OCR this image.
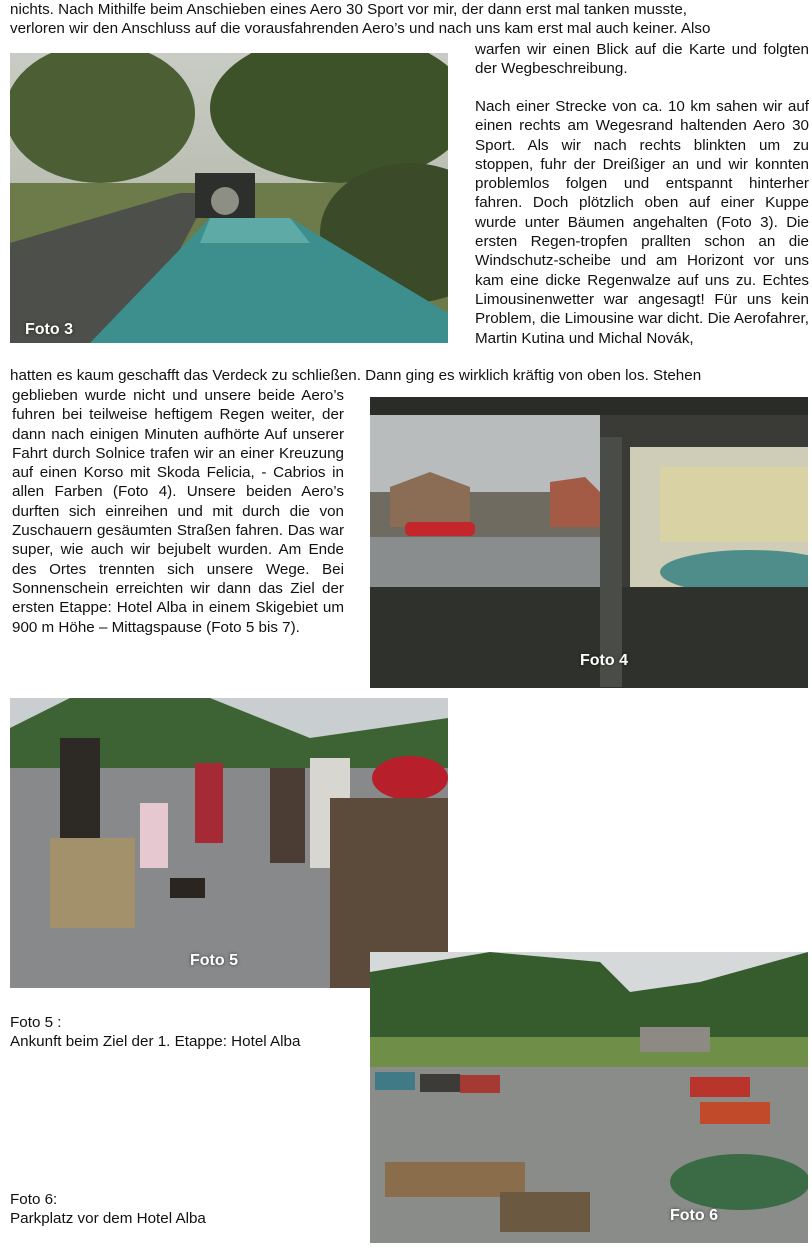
nichts. Nach Mithilfe beim Anschieben eines Aero 30 Sport vor mir, der dann erst mal tanken musste,
verloren wir den Anschluss auf die vorausfahrenden Aero’s und nach uns kam erst mal auch keiner. Also
warfen wir einen Blick auf die Karte und folgten der Wegbeschreibung.
Nach einer Strecke von ca. 10 km sahen wir auf einen rechts am Wegesrand haltenden Aero 30 Sport. Als wir nach rechts blinkten um zu stoppen, fuhr der Dreißiger an und wir konnten problemlos folgen und entspannt hinterher fahren. Doch plötzlich oben auf einer Kuppe wurde unter Bäumen angehalten (Foto 3). Die ersten Regen-tropfen prallten schon an die Windschutz-scheibe und am Horizont vor uns kam eine dicke Regenwalze auf uns zu. Echtes Limousinenwetter war angesagt! Für uns kein Problem, die Limousine war dicht. Die Aerofahrer, Martin Kutina und Michal Novák,
hatten es kaum geschafft das Verdeck zu schließen. Dann ging es wirklich kräftig von oben los. Stehen
geblieben wurde nicht und unsere beide Aero’s fuhren bei teilweise heftigem Regen weiter, der dann nach einigen Minuten aufhörte Auf unserer Fahrt durch Solnice trafen wir an einer Kreuzung auf einen Korso mit Skoda Felicia, - Cabrios in allen Farben (Foto 4). Unsere beiden Aero’s durften sich einreihen und mit durch die von Zuschauern gesäumten Straßen fahren. Das war super, wie auch wir bejubelt wurden. Am Ende des Ortes trennten sich unsere Wege. Bei Sonnenschein erreichten wir dann das Ziel der ersten Etappe: Hotel Alba in einem Skigebiet um 900 m Höhe – Mittagspause (Foto 5 bis 7).
Foto 3
Foto 4
Foto 5
Foto 6
Foto 5 :
Ankunft beim Ziel der 1. Etappe: Hotel Alba
Foto 6:
Parkplatz vor dem Hotel Alba
